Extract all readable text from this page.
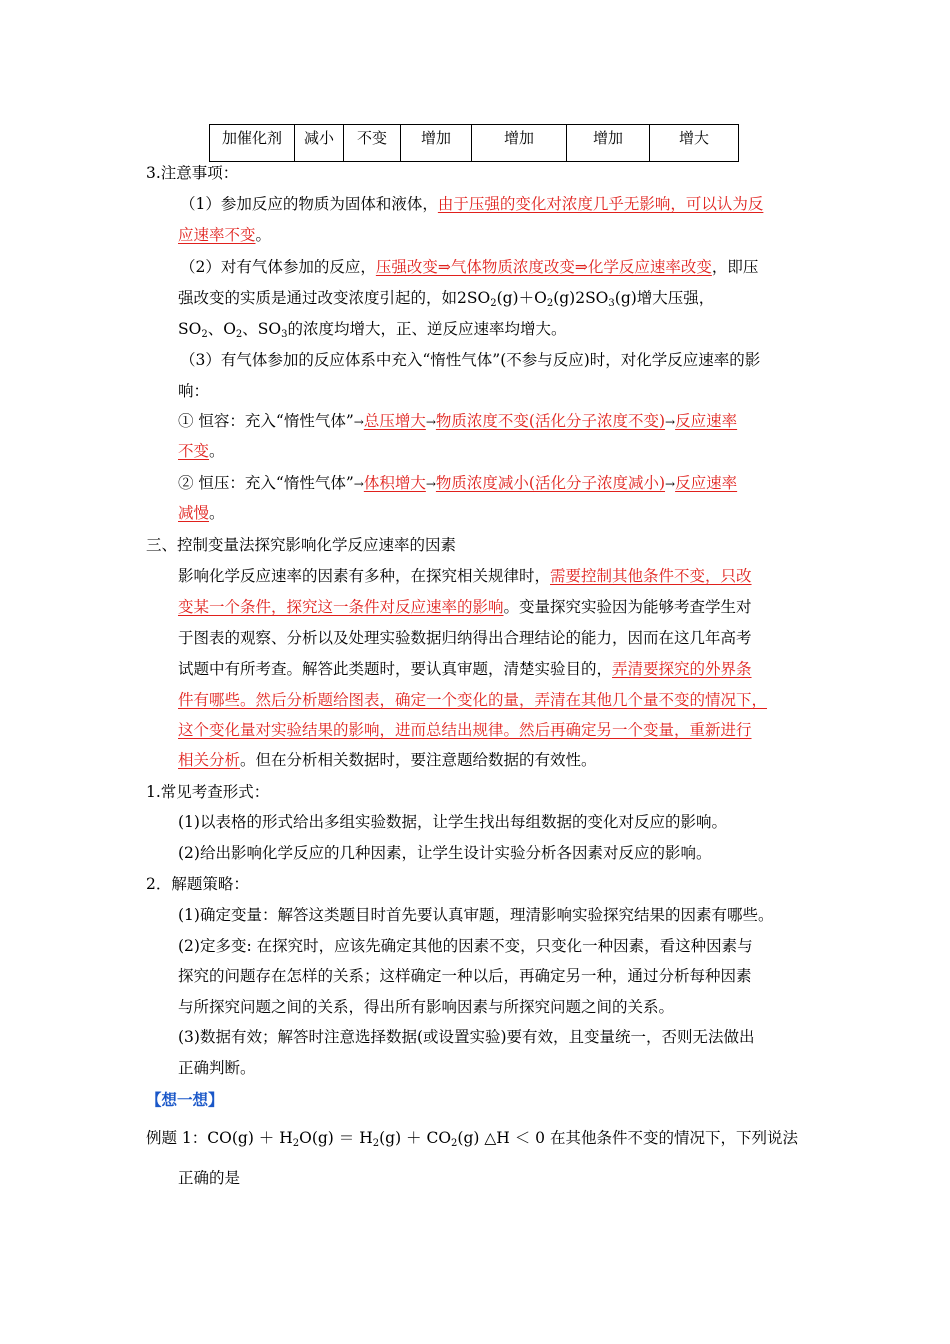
加催化剂	减小	不变	增加	增加	增加	增大
3.注意事项：
（1）参加反应的物质为固体和液体，由于压强的变化对浓度几乎无影响，可以认为反
应速率不变。
（2）对有气体参加的反应，压强改变⇒气体物质浓度改变⇒化学反应速率改变，即压
强改变的实质是通过改变浓度引起的，如$2SO_2(g)+O_2(g)2SO_3(g)$增大压强，
$SO_2$、$O_2$、$SO_3$的浓度均增大，正、逆反应速率均增大。
（3）有气体参加的反应体系中充入“惰性气体”(不参与反应)时，对化学反应速率的影
响：
① 恒容：充入“惰性气体”→总压增大→物质浓度不变(活化分子浓度不变)→反应速率
不变。
② 恒压：充入“惰性气体”→体积增大→物质浓度减小(活化分子浓度减小)→反应速率
减慢。
三、控制变量法探究影响化学反应速率的因素
影响化学反应速率的因素有多种，在探究相关规律时，需要控制其他条件不变，只改
变某一个条件，探究这一条件对反应速率的影响。变量探究实验因为能够考查学生对
于图表的观察、分析以及处理实验数据归纳得出合理结论的能力，因而在这几年高考
试题中有所考查。解答此类题时，要认真审题，清楚实验目的，弄清要探究的外界条
件有哪些。然后分析题给图表，确定一个变化的量，弄清在其他几个量不变的情况下，
这个变化量对实验结果的影响，进而总结出规律。然后再确定另一个变量，重新进行
相关分析。但在分析相关数据时，要注意题给数据的有效性。
1.常见考查形式：
(1)以表格的形式给出多组实验数据，让学生找出每组数据的变化对反应的影响。
(2)给出影响化学反应的几种因素，让学生设计实验分析各因素对反应的影响。
2．解题策略：
(1)确定变量：解答这类题目时首先要认真审题，理清影响实验探究结果的因素有哪些。
(2)定多变: 在探究时，应该先确定其他的因素不变，只变化一种因素，看这种因素与
探究的问题存在怎样的关系；这样确定一种以后，再确定另一种，通过分析每种因素
与所探究问题之间的关系，得出所有影响因素与所探究问题之间的关系。
(3)数据有效；解答时注意选择数据(或设置实验)要有效，且变量统一，否则无法做出
正确判断。
【想一想】
例题 1：$CO(g) + H_2O(g) = H_2(g) + CO_2(g)$ △H ＜ 0 在其他条件不变的情况下，下列说法
正确的是
